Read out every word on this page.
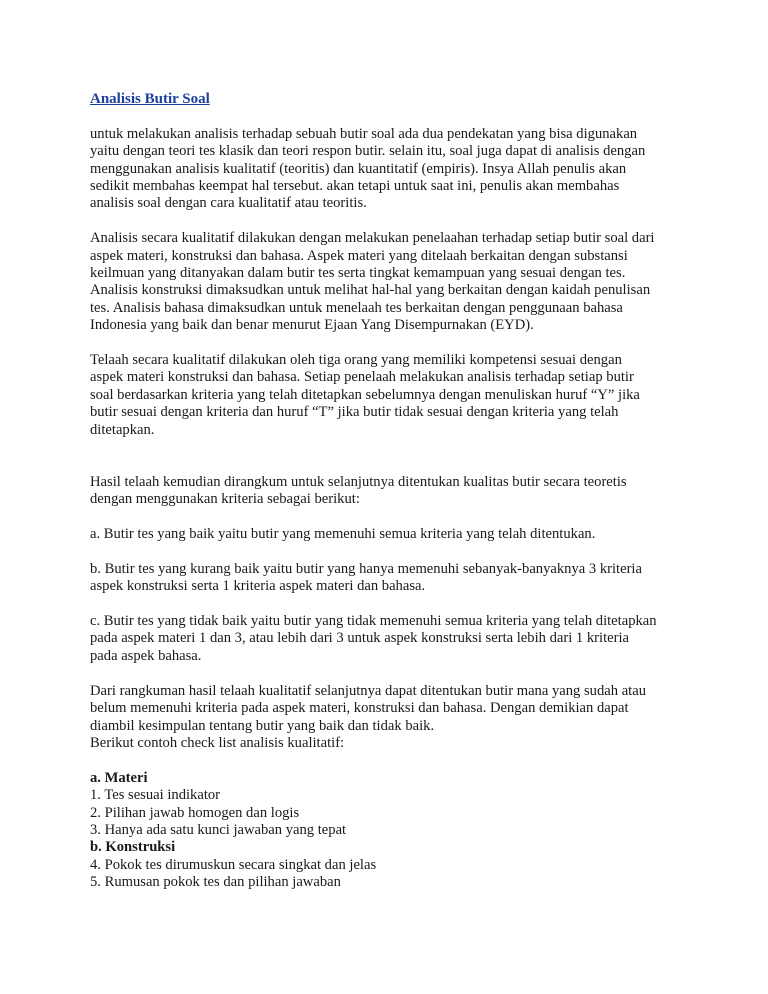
Analisis Butir Soal

untuk melakukan analisis terhadap sebuah butir soal ada dua pendekatan yang bisa digunakan
yaitu dengan teori tes klasik dan teori respon butir. selain itu, soal juga dapat di analisis dengan
menggunakan analisis kualitatif (teoritis) dan kuantitatif (empiris). Insya Allah penulis akan
sedikit membahas keempat hal tersebut. akan tetapi untuk saat ini, penulis akan membahas
analisis soal dengan cara kualitatif atau teoritis.

Analisis secara kualitatif dilakukan dengan melakukan penelaahan terhadap setiap butir soal dari
aspek materi, konstruksi dan bahasa. Aspek materi yang ditelaah berkaitan dengan substansi
keilmuan yang ditanyakan dalam butir tes serta tingkat kemampuan yang sesuai dengan tes.
Analisis konstruksi dimaksudkan untuk melihat hal-hal yang berkaitan dengan kaidah penulisan
tes. Analisis bahasa dimaksudkan untuk menelaah tes berkaitan dengan penggunaan bahasa
Indonesia yang baik dan benar menurut Ejaan Yang Disempurnakan (EYD).

Telaah secara kualitatif dilakukan oleh tiga orang yang memiliki kompetensi sesuai dengan
aspek materi konstruksi dan bahasa. Setiap penelaah melakukan analisis terhadap setiap butir
soal berdasarkan kriteria yang telah ditetapkan sebelumnya dengan menuliskan huruf “Y” jika
butir sesuai dengan kriteria dan huruf “T” jika butir tidak sesuai dengan kriteria yang telah
ditetapkan.

Hasil telaah kemudian dirangkum untuk selanjutnya ditentukan kualitas butir secara teoretis
dengan menggunakan kriteria sebagai berikut:

a. Butir tes yang baik yaitu butir yang memenuhi semua kriteria yang telah ditentukan.

b. Butir tes yang kurang baik yaitu butir yang hanya memenuhi sebanyak-banyaknya 3 kriteria
aspek konstruksi serta 1 kriteria aspek materi dan bahasa.

c. Butir tes yang tidak baik yaitu butir yang tidak memenuhi semua kriteria yang telah ditetapkan
pada aspek materi 1 dan 3, atau lebih dari 3 untuk aspek konstruksi serta lebih dari 1 kriteria
pada aspek bahasa.

Dari rangkuman hasil telaah kualitatif selanjutnya dapat ditentukan butir mana yang sudah atau
belum memenuhi kriteria pada aspek materi, konstruksi dan bahasa. Dengan demikian dapat
diambil kesimpulan tentang butir yang baik dan tidak baik.
Berikut contoh check list analisis kualitatif:

a. Materi
1. Tes sesuai indikator
2. Pilihan jawab homogen dan logis
3. Hanya ada satu kunci jawaban yang tepat
b. Konstruksi
4. Pokok tes dirumuskun secara singkat dan jelas
5. Rumusan pokok tes dan pilihan jawaban
